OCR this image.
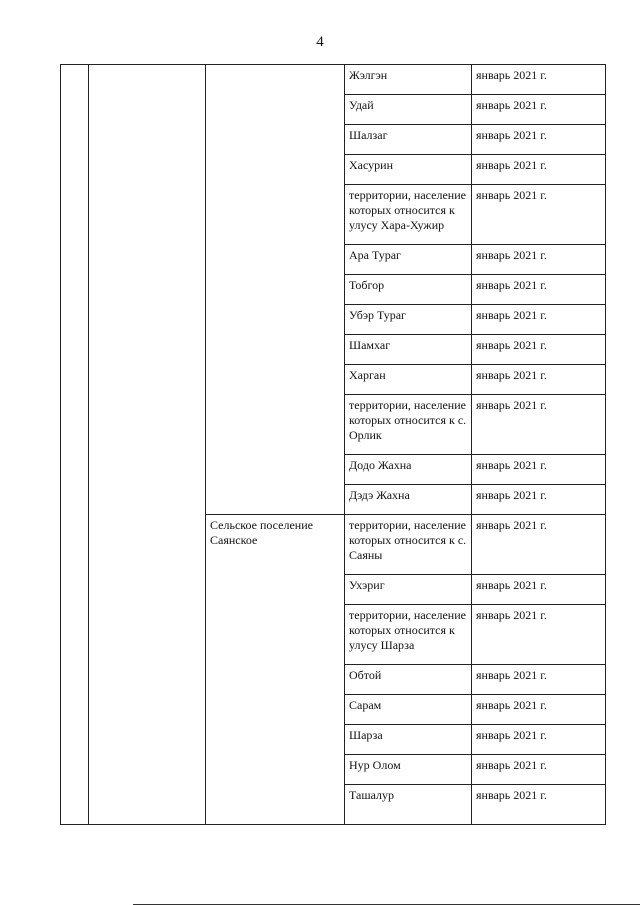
4
			Жэлгэн	январь 2021 г.
			Удай	январь 2021 г.
			Шалзаг	январь 2021 г.
			Хасурин	январь 2021 г.
			территории, население которых относится к улусу Хара-Хужир	январь 2021 г.
			Ара Тураг	январь 2021 г.
			Тобгор	январь 2021 г.
			Убэр Тураг	январь 2021 г.
			Шамхаг	январь 2021 г.
			Харган	январь 2021 г.
			территории, население которых относится к с. Орлик	январь 2021 г.
			Додо Жахна	январь 2021 г.
			Дэдэ Жахна	январь 2021 г.

		Сельское поселение Саянское	территории, население которых относится к с. Саяны	январь 2021 г.
			Ухэриг	январь 2021 г.
			территории, население которых относится к улусу Шарза	январь 2021 г.
			Обтой	январь 2021 г.
			Сарам	январь 2021 г.
			Шарза	январь 2021 г.
			Нур Олом	январь 2021 г.
			Ташалур	январь 2021 г.
